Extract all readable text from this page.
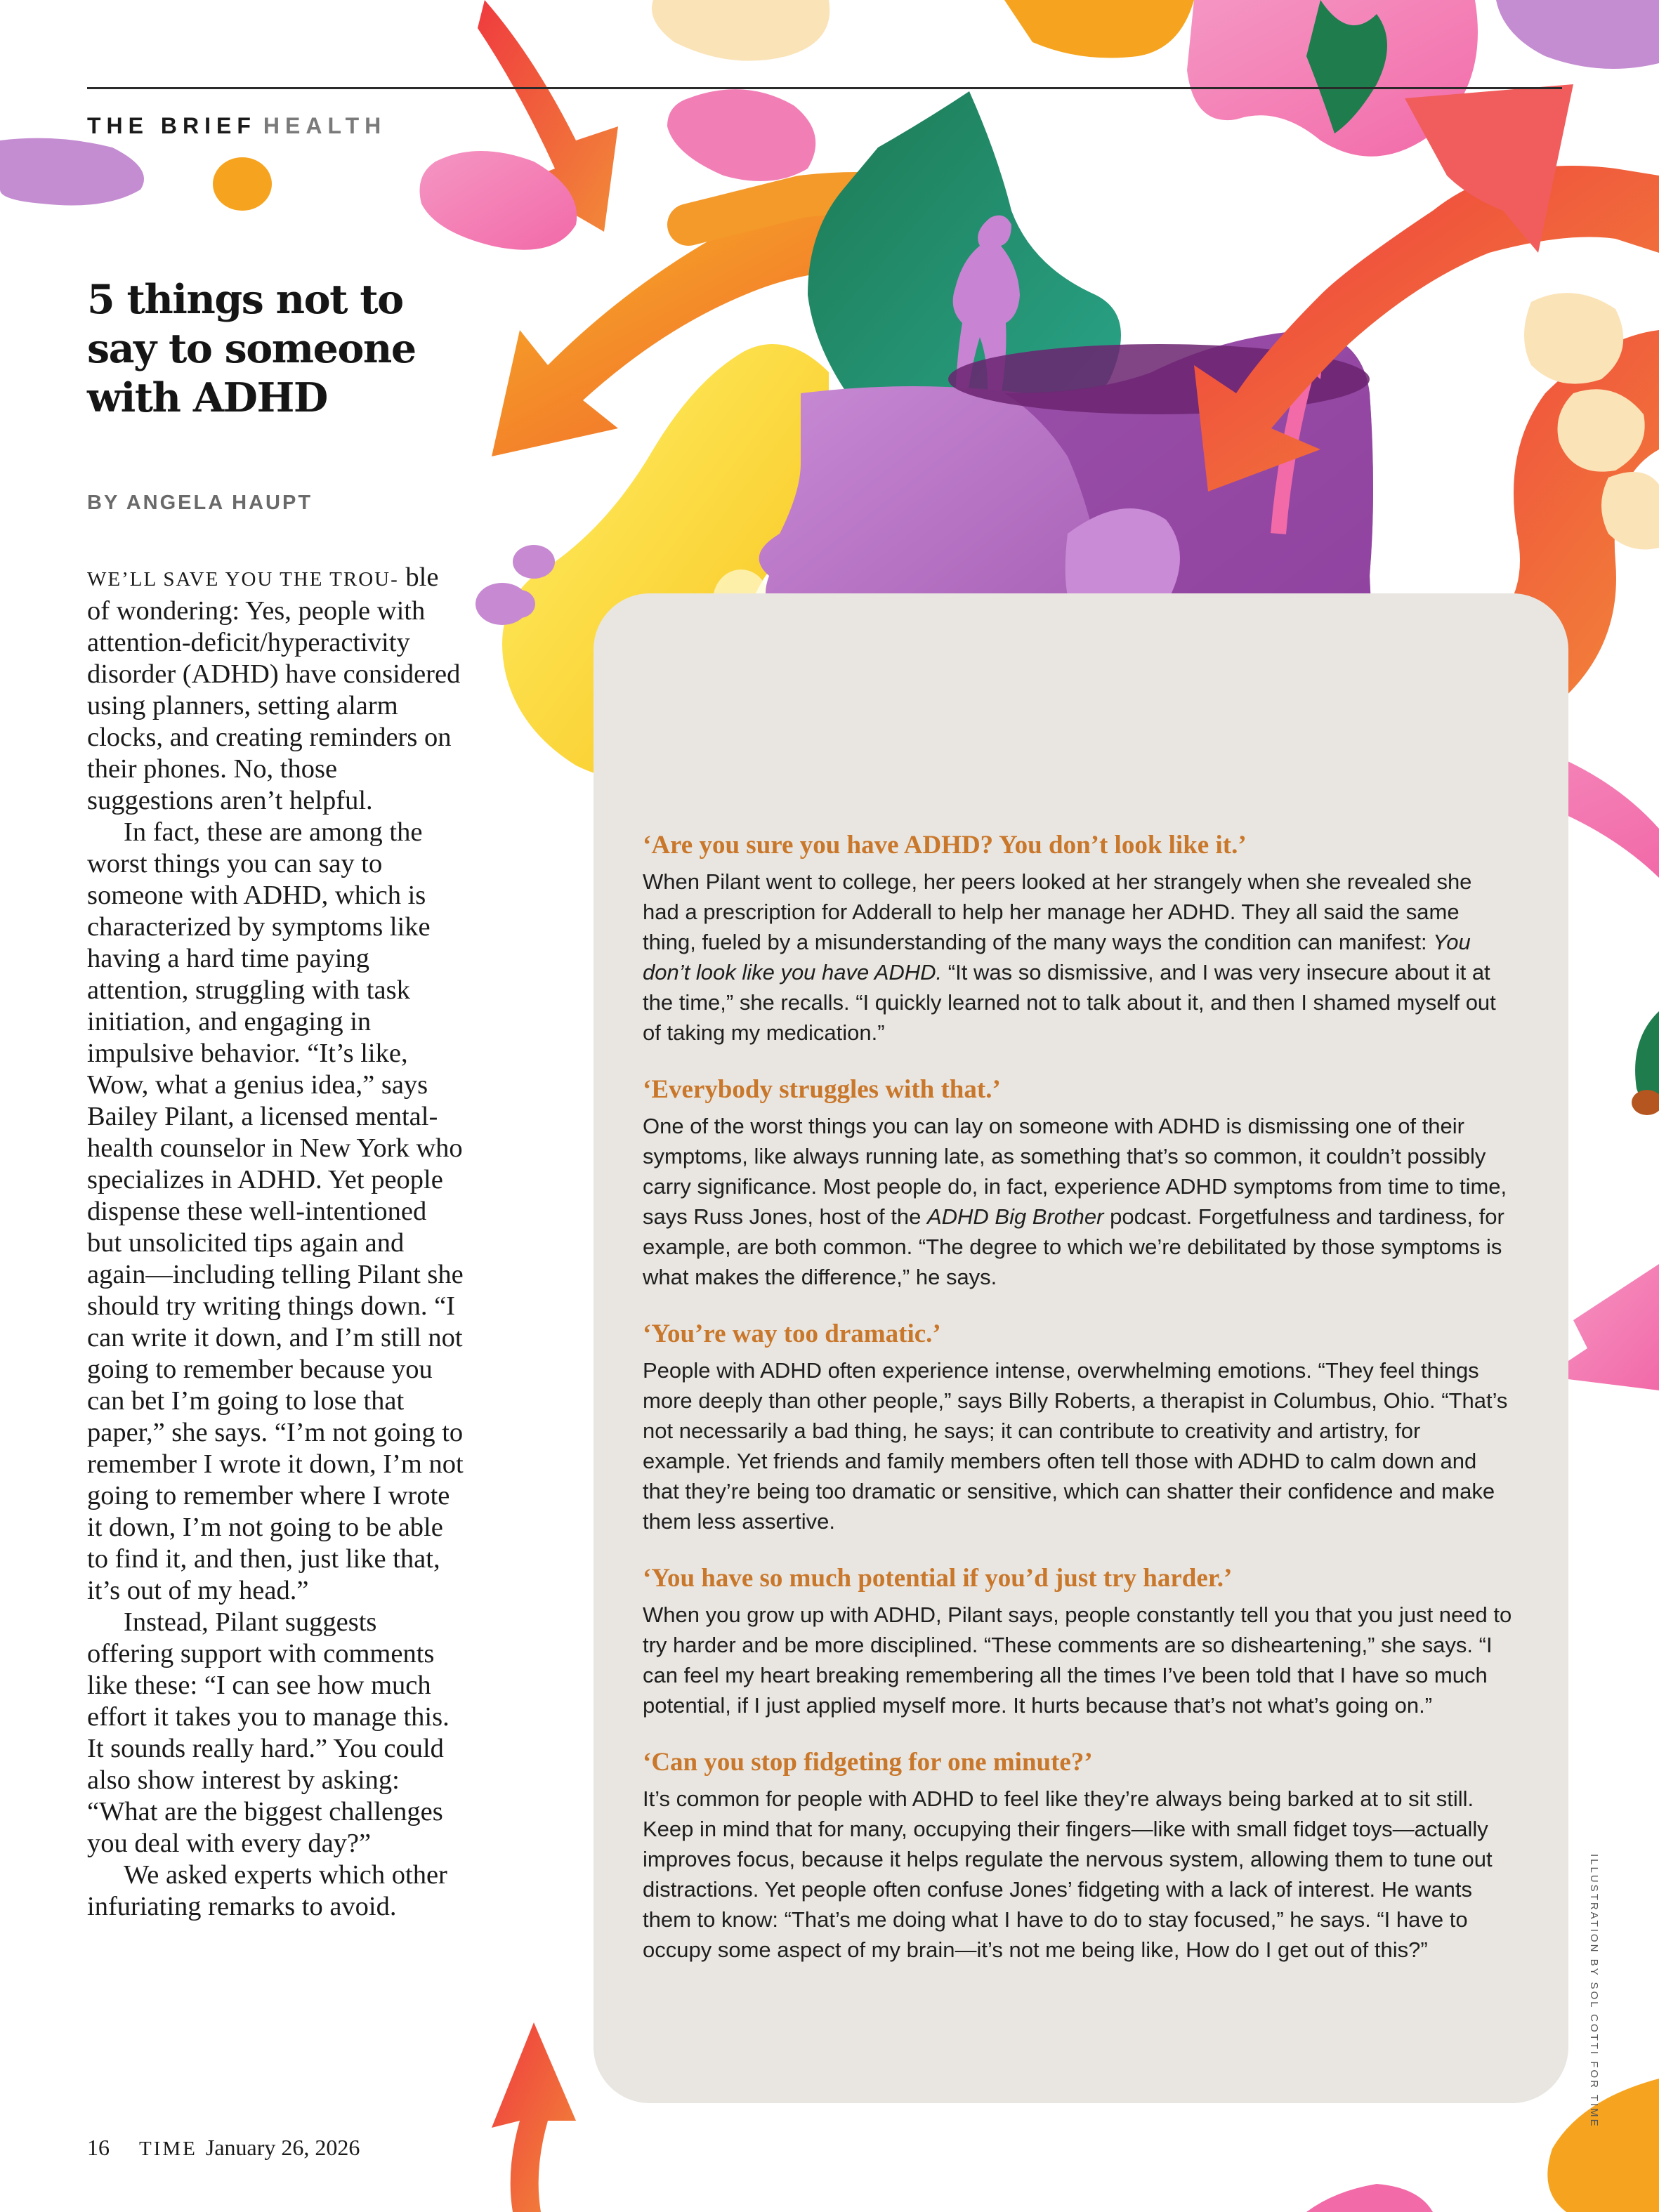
THE BRIEF HEALTH
5 things not to say to someone with ADHD
BY ANGELA HAUPT

WE’LL SAVE YOU THE TROU- ble of wondering: Yes, people with attention-deficit/hyperactivity disorder (ADHD) have considered using planners, setting alarm clocks, and creating reminders on their phones. No, those suggestions aren’t helpful.

In fact, these are among the worst things you can say to someone with ADHD, which is characterized by symptoms like having a hard time paying attention, struggling with task initiation, and engaging in impulsive behavior. “It’s like, Wow, what a genius idea,” says Bailey Pilant, a licensed mental-health counselor in New York who specializes in ADHD. Yet people dispense these well-intentioned but unsolicited tips again and again—including telling Pilant she should try writing things down. “I can write it down, and I’m still not going to remember because you can bet I’m going to lose that paper,” she says. “I’m not going to remember I wrote it down, I’m not going to remember where I wrote it down, I’m not going to be able to find it, and then, just like that, it’s out of my head.”

Instead, Pilant suggests offering support with comments like these: “I can see how much effort it takes you to manage this. It sounds really hard.” You could also show interest by asking: “What are the biggest challenges you deal with every day?”

We asked experts which other infuriating remarks to avoid.

‘Are you sure you have ADHD? You don’t look like it.’

When Pilant went to college, her peers looked at her strangely when she revealed she had a prescription for Adderall to help her manage her ADHD. They all said the same thing, fueled by a misunderstanding of the many ways the condition can manifest: You don’t look like you have ADHD. “It was so dismissive, and I was very insecure about it at the time,” she recalls. “I quickly learned not to talk about it, and then I shamed myself out of taking my medication.”

‘Everybody struggles with that.’

One of the worst things you can lay on someone with ADHD is dismissing one of their symptoms, like always running late, as something that’s so common, it couldn’t possibly carry significance. Most people do, in fact, experience ADHD symptoms from time to time, says Russ Jones, host of the ADHD Big Brother podcast. Forgetfulness and tardiness, for example, are both common. “The degree to which we’re debilitated by those symptoms is what makes the difference,” he says.

‘You’re way too dramatic.’

People with ADHD often experience intense, overwhelming emotions. “They feel things more deeply than other people,” says Billy Roberts, a therapist in Columbus, Ohio. “That’s not necessarily a bad thing, he says; it can contribute to creativity and artistry, for example. Yet friends and family members often tell those with ADHD to calm down and that they’re being too dramatic or sensitive, which can shatter their confidence and make them less assertive.

‘You have so much potential if you’d just try harder.’

When you grow up with ADHD, Pilant says, people constantly tell you that you just need to try harder and be more disciplined. “These comments are so disheartening,” she says. “I can feel my heart breaking remembering all the times I’ve been told that I have so much potential, if I just applied myself more. It hurts because that’s not what’s going on.”

‘Can you stop fidgeting for one minute?’

It’s common for people with ADHD to feel like they’re always being barked at to sit still. Keep in mind that for many, occupying their fingers—like with small fidget toys—actually improves focus, because it helps regulate the nervous system, allowing them to tune out distractions. Yet people often confuse Jones’ fidgeting with a lack of interest. He wants them to know: “That’s me doing what I have to do to stay focused,” he says. “I have to occupy some aspect of my brain—it’s not me being like, How do I get out of this?”

16 TIME January 26, 2026
ILLUSTRATION BY SOL COTTI FOR TIME
